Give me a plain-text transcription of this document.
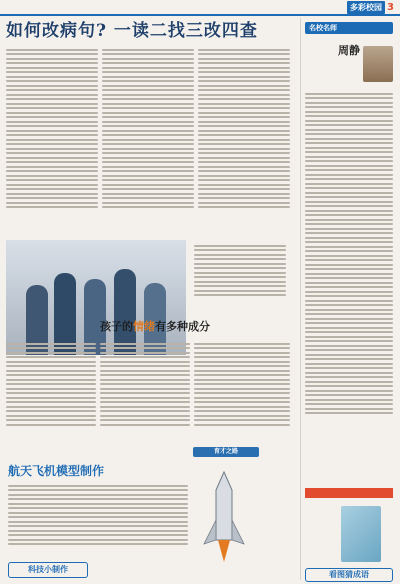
多彩校园 3
如何改病句? 一读二找三改四查
孩子的情绪有多种成分
育才之路
航天飞机模型制作
科技小制作
名校名师
周静
看图猜成语
